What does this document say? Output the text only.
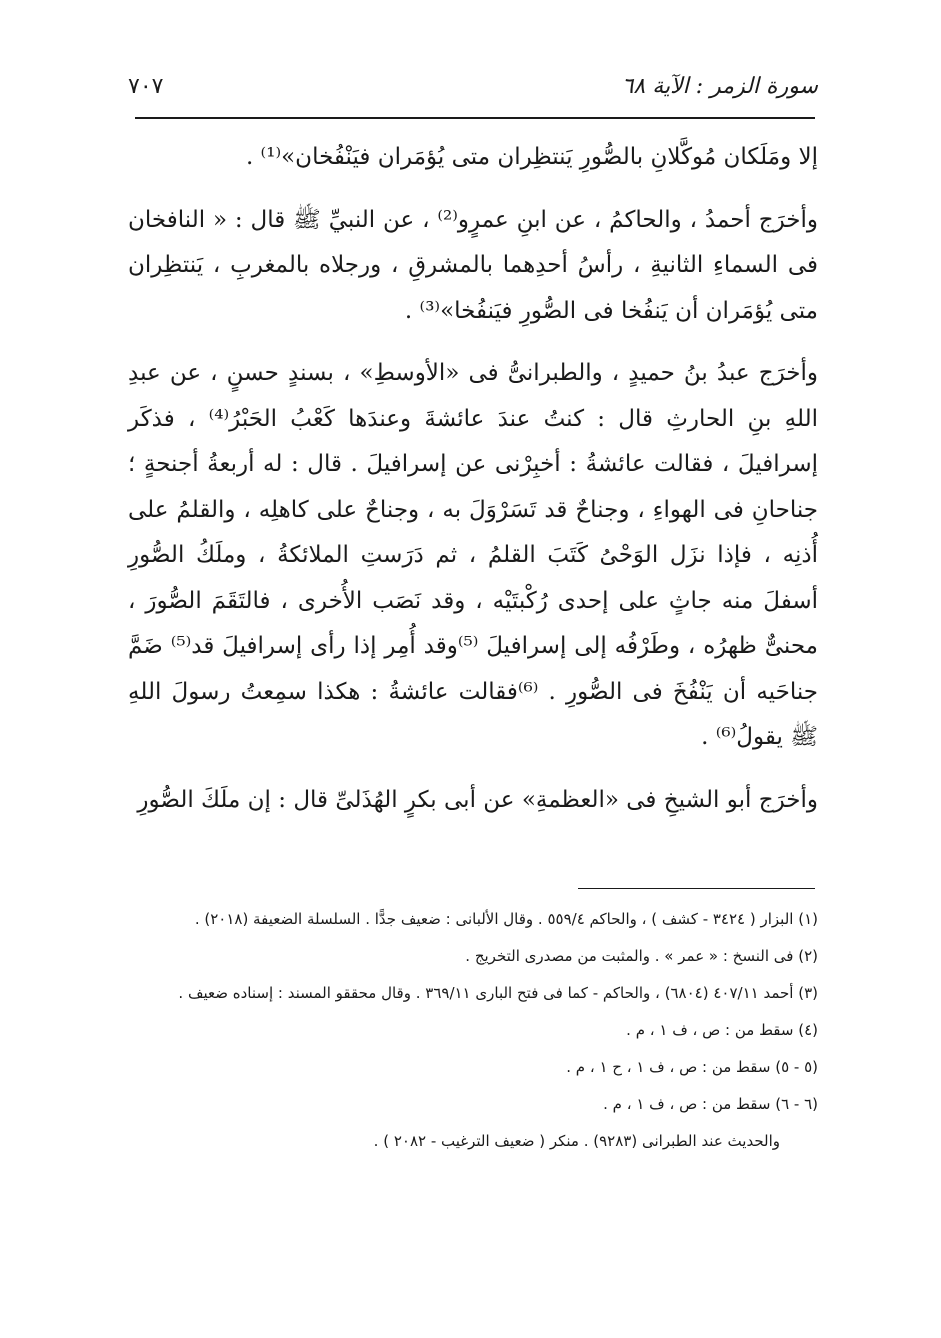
٧٠٧	سورة الزمر : الآية ٦٨

إلا ومَلَكان مُوكَّلانِ بالصُّورِ يَنتظِران متى يُؤمَران فيَنْفُخان»⁽¹⁾ .

وأخرَج أحمدُ ، والحاكمُ ، عن ابنِ عمرٍو⁽²⁾ ، عن النبيِّ ﷺ قال : « النافخان فى السماءِ الثانيةِ ، رأسُ أحدِهما بالمشرقِ ، ورجلاه بالمغربِ ، يَنتظِران متى يُؤمَران أن يَنفُخا فى الصُّورِ فيَنفُخا»⁽³⁾ .

وأخرَج عبدُ بنُ حميدٍ ، والطبرانىُّ فى «الأوسطِ» ، بسندٍ حسنٍ ، عن عبدِ اللهِ بنِ الحارثِ قال : كنتُ عندَ عائشةَ وعندَها كَعْبُ الحَبْرُ⁽⁴⁾ ، فذكَر إسرافيلَ ، فقالت عائشةُ : أخبِرْنى عن إسرافيلَ . قال : له أربعةُ أجنحةٍ ؛ جناحانِ فى الهواءِ ، وجناحٌ قد تَسَرْوَلَ به ، وجناحٌ على كاهلِه ، والقلمُ على أُذنِه ، فإذا نزَل الوَحْىُ كَتَبَ القلمُ ، ثم دَرَستِ الملائكةُ ، وملَكُ الصُّورِ أسفلَ منه جاثٍ على إحدى رُكْبتَيْه ، وقد نَصَب الأُخرى ، فالتَقَمَ الصُّورَ ، محنىٌّ ظهرُه ، وطَرْفُه إلى إسرافيلَ ⁽⁵⁾وقد أُمِر إذا رأى إسرافيلَ قد⁽⁵⁾ ضَمَّ جناحَيه أن يَنْفُخَ فى الصُّورِ . ⁽⁶⁾فقالت عائشةُ : هكذا سمِعتُ رسولَ اللهِ ﷺ يقولُ⁽⁶⁾ .

وأخرَج أبو الشيخِ فى «العظمةِ» عن أبى بكرٍ الهُذَلىِّ قال : إن ملَكَ الصُّورِ

(١) البزار ( ٣٤٢٤ - كشف ) ، والحاكم ٥٥٩/٤ . وقال الألبانى : ضعيف جدًّا . السلسلة الضعيفة (٢٠١٨) .
(٢) فى النسخ : « عمر » . والمثبت من مصدرى التخريج .
(٣) أحمد ٤٠٧/١١ (٦٨٠٤) ، والحاكم - كما فى فتح البارى ٣٦٩/١١ . وقال محققو المسند : إسناده ضعيف .
(٤) سقط من : ص ، ف ١ ، م .
(٥ - ٥) سقط من : ص ، ف ١ ، ح ١ ، م .
(٦ - ٦) سقط من : ص ، ف ١ ، م .
والحديث عند الطبرانى (٩٢٨٣) . منكر ( ضعيف الترغيب - ٢٠٨٢ ) .
